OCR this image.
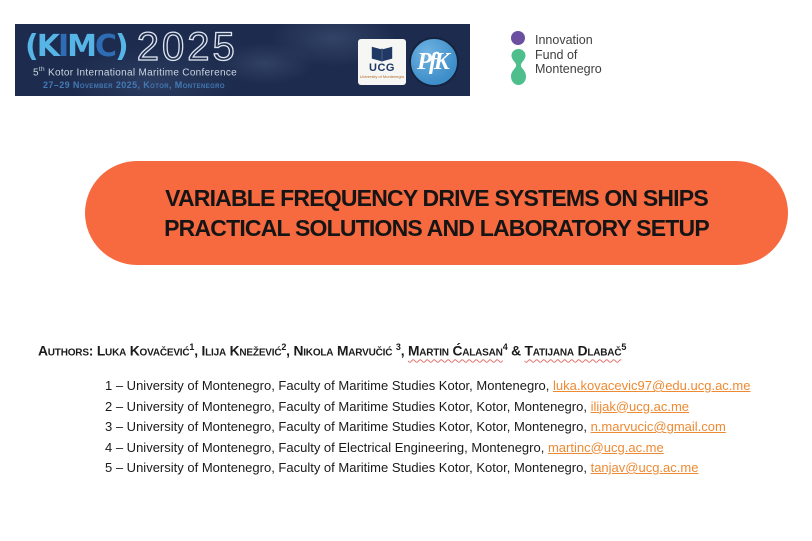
(KIMC) 2025
5th Kotor International Maritime Conference
27–29 November 2025, Kotor, Montenegro
UCG
University of Montenegro
PfK
Innovation
Fund of
Montenegro
VARIABLE FREQUENCY DRIVE SYSTEMS ON SHIPS
PRACTICAL SOLUTIONS AND LABORATORY SETUP
Authors: Luka Kovačević$^1$, Ilija Knežević$^2$, Nikola Marvučić $^3$, Martin Ćalasan$^4$ & Tatijana Dlabač$^5$
1 – University of Montenegro, Faculty of Maritime Studies Kotor, Montenegro, luka.kovacevic97@edu.ucg.ac.me
2 – University of Montenegro, Faculty of Maritime Studies Kotor, Kotor, Montenegro, ilijak@ucg.ac.me
3 – University of Montenegro, Faculty of Maritime Studies Kotor, Kotor, Montenegro, n.marvucic@gmail.com
4 – University of Montenegro, Faculty of Electrical Engineering, Montenegro, martinc@ucg.ac.me
5 – University of Montenegro, Faculty of Maritime Studies Kotor, Kotor, Montenegro, tanjav@ucg.ac.me
